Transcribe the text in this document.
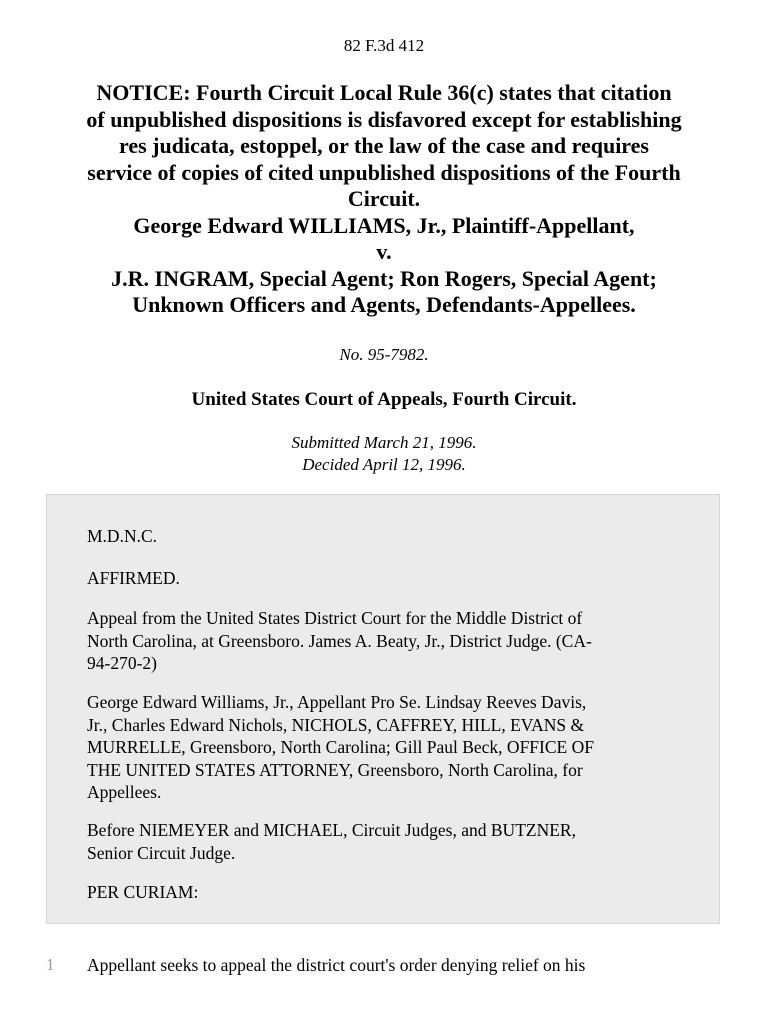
82 F.3d 412
NOTICE: Fourth Circuit Local Rule 36(c) states that citation
of unpublished dispositions is disfavored except for establishing
res judicata, estoppel, or the law of the case and requires
service of copies of cited unpublished dispositions of the Fourth
Circuit.
George Edward WILLIAMS, Jr., Plaintiff-Appellant,
v.
J.R. INGRAM, Special Agent; Ron Rogers, Special Agent;
Unknown Officers and Agents, Defendants-Appellees.
No. 95-7982.
United States Court of Appeals, Fourth Circuit.
Submitted March 21, 1996.
Decided April 12, 1996.

M.D.N.C.

AFFIRMED.

Appeal from the United States District Court for the Middle District of
North Carolina, at Greensboro. James A. Beaty, Jr., District Judge. (CA-
94-270-2)

George Edward Williams, Jr., Appellant Pro Se. Lindsay Reeves Davis,
Jr., Charles Edward Nichols, NICHOLS, CAFFREY, HILL, EVANS &
MURRELLE, Greensboro, North Carolina; Gill Paul Beck, OFFICE OF
THE UNITED STATES ATTORNEY, Greensboro, North Carolina, for
Appellees.

Before NIEMEYER and MICHAEL, Circuit Judges, and BUTZNER,
Senior Circuit Judge.

PER CURIAM:

1 Appellant seeks to appeal the district court's order denying relief on his
